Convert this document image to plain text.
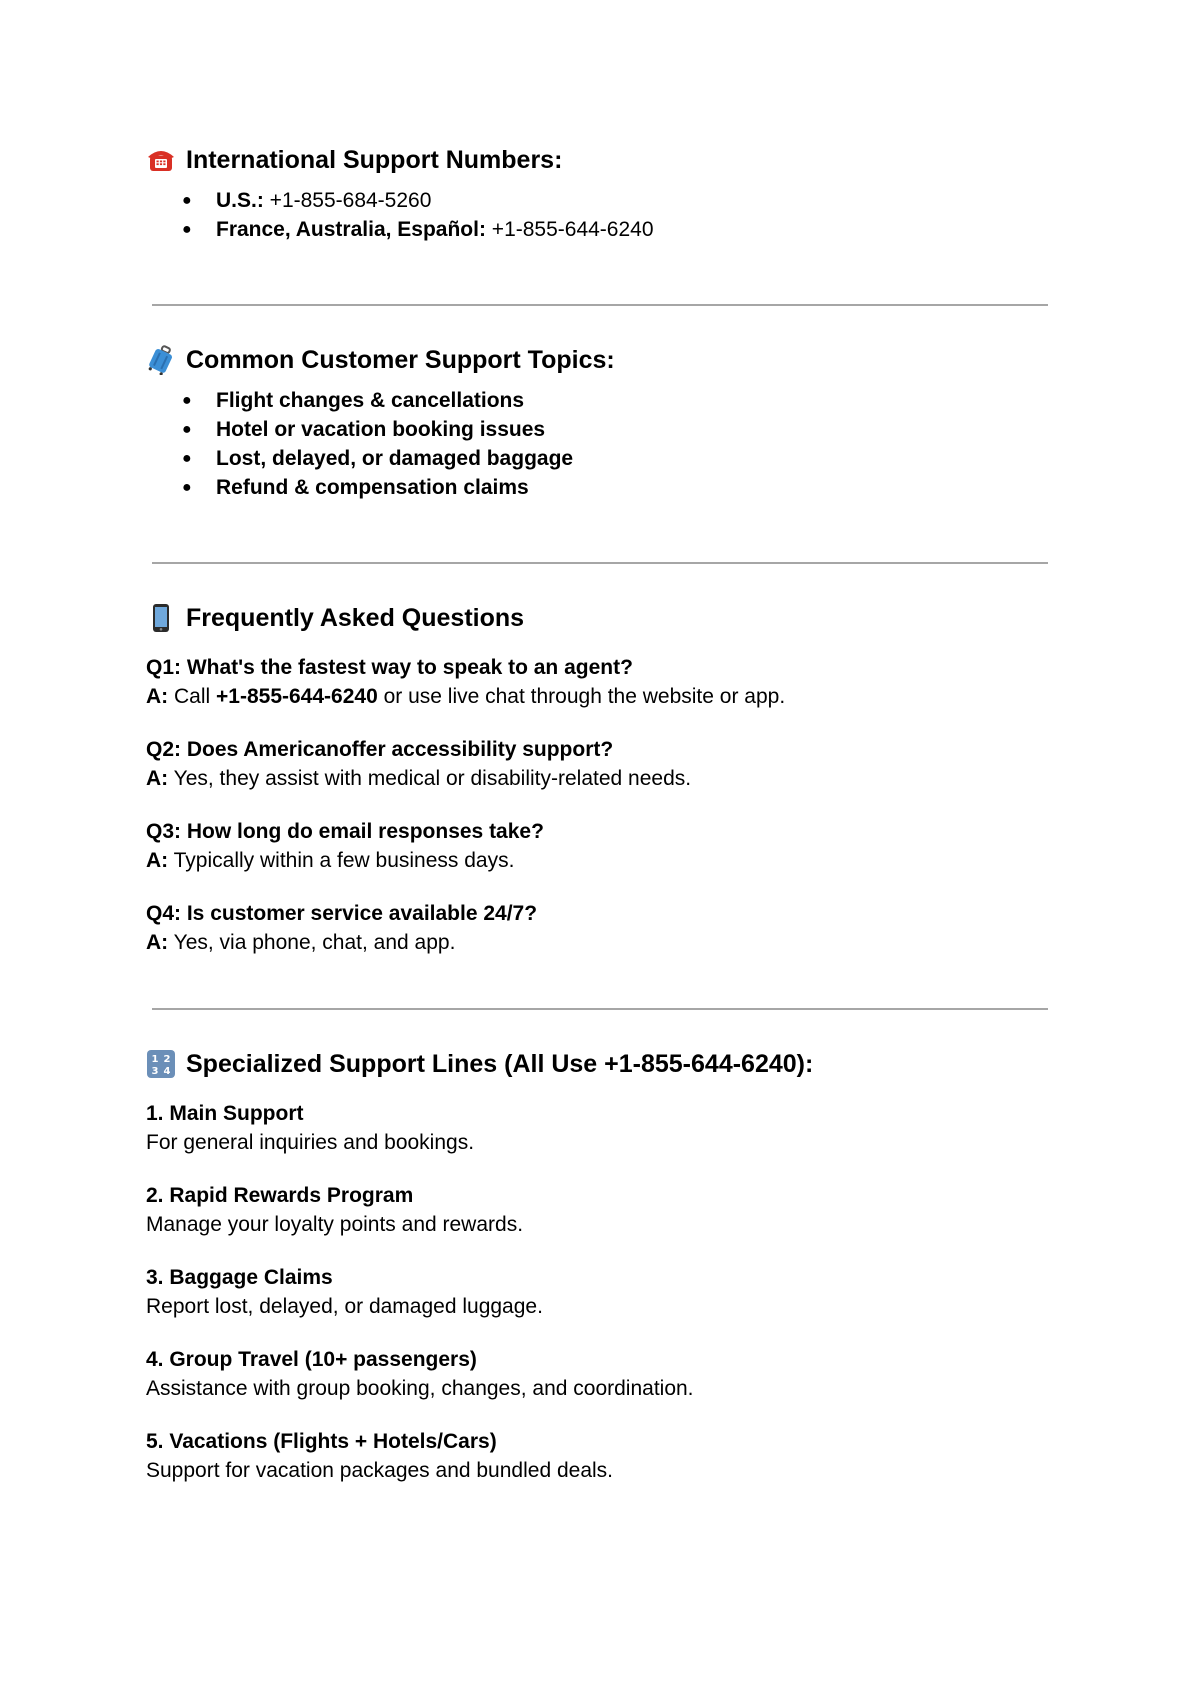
International Support Numbers:
● U.S.: +1-855-684-5260
● France, Australia, Español: +1-855-644-6240
Common Customer Support Topics:
● Flight changes & cancellations
● Hotel or vacation booking issues
● Lost, delayed, or damaged baggage
● Refund & compensation claims
Frequently Asked Questions
Q1: What's the fastest way to speak to an agent?
A: Call +1-855-644-6240 or use live chat through the website or app.
Q2: Does Americanoffer accessibility support?
A: Yes, they assist with medical or disability-related needs.
Q3: How long do email responses take?
A: Typically within a few business days.
Q4: Is customer service available 24/7?
A: Yes, via phone, chat, and app.
1 2
3 4 Specialized Support Lines (All Use +1-855-644-6240):
1. Main Support
For general inquiries and bookings.
2. Rapid Rewards Program
Manage your loyalty points and rewards.
3. Baggage Claims
Report lost, delayed, or damaged luggage.
4. Group Travel (10+ passengers)
Assistance with group booking, changes, and coordination.
5. Vacations (Flights + Hotels/Cars)
Support for vacation packages and bundled deals.
